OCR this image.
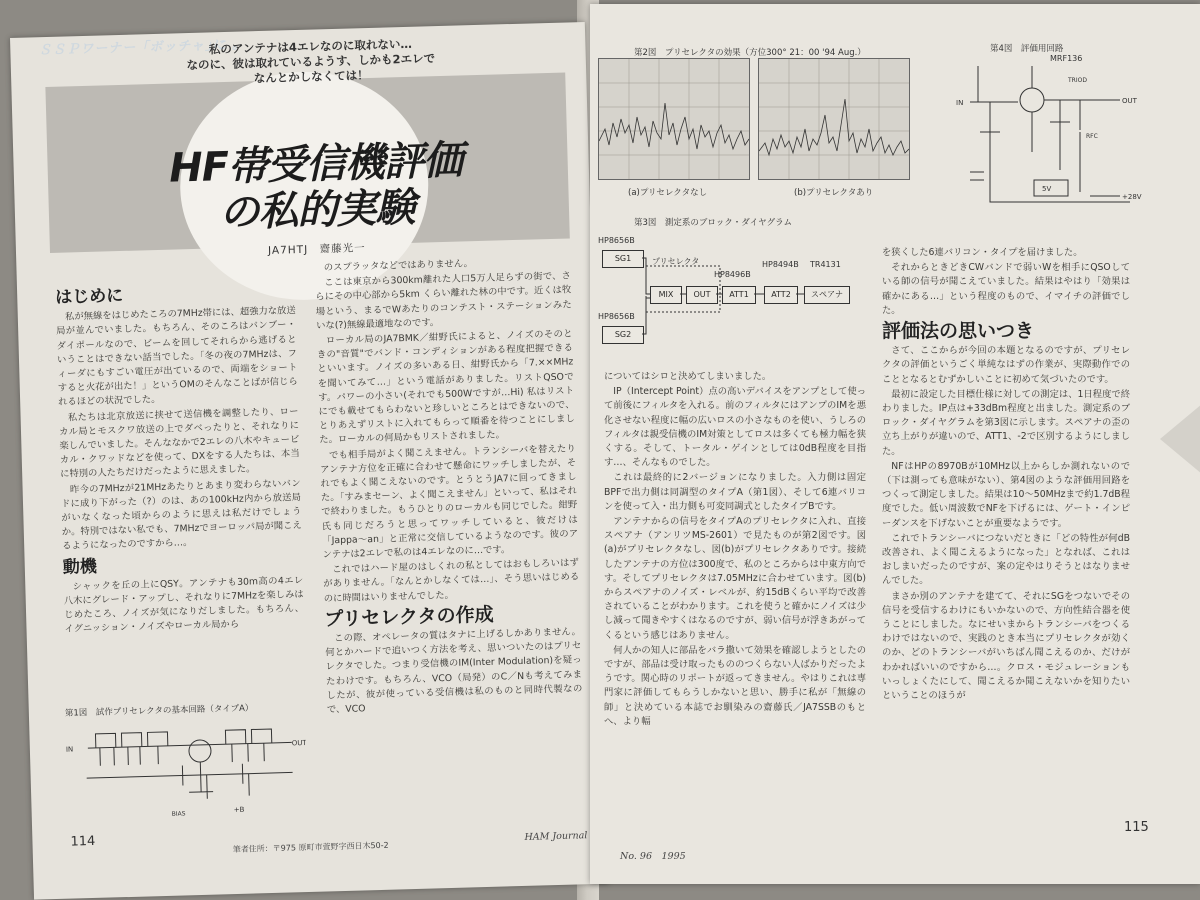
ＳＳＰワーナー ｢ボッチャ｣に ｡
HF帯受信機評価
の私的実験
私のアンテナは4エレなのに取れない…
なのに、彼は取れているようす、しかも2エレで
なんとかしなくては！
JA7HTJ　齋藤光一
はじめに

私が無線をはじめたころの7MHz帯には、超強力な放送局が並んでいました。もちろん、そのころはバンブー・ダイポールなので、ビームを回してそれらから逃げるということはできない話当でした。「冬の夜の7MHzは、フィーダにもすごい電圧が出ているので、両端をショートすると火花が出た！」というOMのそんなことばが信じられるほどの状況でした。

私たちは北京放送に挟せて送信機を調整したり、ローカル局とモスクワ放送の上でダベったりと、それなりに楽しんでいました。そんななかで2エレの八木やキュービカル・クワッドなどを使って、DXをする人たちは、本当に特別の人たちだけだったように思えました。

昨今の7MHzが21MHzあたりとあまり変わらないバンドに成り下がった（?）のは、あの100kHz内から放送局がいなくなった頃からのように思えは私だけでしょうか。特別ではない私でも、7MHzでヨーロッパ局が聞こえるようになったのですから…。

動機

シャックを丘の上にQSY。アンテナも30m高の4エレ八木にグレード・アップし、それなりに7MHzを楽しみはじめたころ、ノイズが気になりだしました。もちろん、イグニッション・ノイズやローカル局から

のスプラッタなどではありません。

ここは東京から300km離れた人口5万人足らずの街で、さらにその中心部から5km くらい離れた林の中です。近くは牧場という、まるでWあたりのコンテスト・ステーションみたいな(?)無線最適地なのです。

ローカル局のJA7BMK／紺野氏によると、ノイズのそのときの"音質"でバンド・コンディションがある程度把握できるといいます。ノイズの多いある日、紺野氏から「7.××MHzを聞いてみて…」という電話がありました。リストQSOです。パワーの小さい(それでも500Wですが…Hi) 私はリストにでも載せてもらわないと珍しいところとはできないので、とりあえずリストに入れてもらって順番を待つことにしました。ローカルの何局かもリストされました。

でも相手局がよく聞こえません。トランシーバを替えたりアンテナ方位を正確に合わせて懸命にワッチしましたが、それでもよく聞こえないのです。とうとうJA7に回ってきました。「すみまセーン、よく聞こえません」といって、私はそれで終わりました。もうひとりのローカルも同じでした。紺野氏も同じだろうと思ってワッチしていると、彼だけは「Jappa〜an」と正常に交信しているようなのです。彼のアンテナは2エレで私のは4エレなのに…です。

これではハード屋のはしくれの私としてはおもしろいはずがありません。「なんとかしなくては…」、そう思いはじめるのに時間はいりませんでした。

プリセレクタの作成

この際、オペレータの質はタナに上げるしかありません。何とかハードで追いつく方法を考え、思いついたのはプリセレクタでした。つまり受信機のIM(Inter Modulation)を疑ったわけです。もちろん、VCO（局発）のC／Nも考えてみましたが、彼が使っている受信機は私のものと同時代製なので、VCO

第1図　試作プリセレクタの基本回路（タイプA）
IN
OUT
BIAS
+B
114	筆者住所：〒975 原町市萱野字西日木50-2
HAM Journal
第2図　プリセレクタの効果（方位300° 21：00 '94 Aug.）
(a)プリセレクタなし	(b)プリセレクタあり
第4図　評価用回路
MRF136
IN	OUT
TRIOD
RFC
5V
+28V
第3図　測定系のブロック・ダイヤグラム
HP8656B
SG1	プリセレクタ
MIX	OUT
HP8496B
ATT1
HP8494B
ATT2
TR4131
スペアナ
HP8656B
SG2

についてはシロと決めてしまいました。

IP（Intercept Point）点の高いデバイスをアンプとして使って前後にフィルタを入れる。前のフィルタにはアンプのIMを悪化させない程度に幅の広いロスの小さなものを使い、うしろのフィルタは親受信機のIM対策としてロスは多くても極力幅を狭くする。そして、トータル・ゲインとしては0dB程度を目指す…、そんなものでした。

これは最終的に2バージョンになりました。入力側は固定BPFで出力側は同調型のタイプA（第1図）、そして6連バリコンを使って入・出力側も可変同調式としたタイプBです。

アンテナからの信号をタイプAのプリセレクタに入れ、直接スペアナ（アンリツMS-2601）で見たものが第2図です。図(a)がプリセレクタなし、図(b)がプリセレクタありです。接続したアンテナの方位は300度で、私のところからは中東方向です。そしてプリセレクタは7.05MHzに合わせています。図(b)からスペアナのノイズ・レベルが、約15dBくらい平均で改善されていることがわかります。これを使うと確かにノイズは少し減って聞きやすくはなるのですが、弱い信号が浮きあがってくるという感じはありません。

何人かの知人に部品をバラ撒いて効果を確認しようとしたのですが、部品は受け取ったもののつくらない人ばかりだったようです。関心時のリポートが返ってきません。やはりこれは専門家に評価してもらうしかないと思い、勝手に私が「無線の師」と決めている本誌でお馴染みの齋藤氏／JA7SSBのもとへ、より幅

を狭くした6連バリコン・タイプを届けました。

それからときどきCWバンドで弱いWを相手にQSOしている師の信号が聞こえていました。結果はやはり「効果は確かにある…」という程度のもので、イマイチの評価でした。

評価法の思いつき

さて、ここからが今回の本題となるのですが、プリセレクタの評価というごく単純なはずの作業が、実際動作でのこととなるとむずかしいことに初めて気づいたのです。

最初に設定した目標仕様に対しての測定は、1日程度で終わりました。IP点は+33dBm程度と出ました。測定系のブロック・ダイヤグラムを第3図に示します。スペアナの歪の立ち上がりが違いので、ATT1、-2で区別するようにしました。

NFはHPの8970Bが10MHz以上からしか測れないので（下は測っても意味がない）、第4図のような評価用回路をつくって測定しました。結果は10〜50MHzまで約1.7dB程度でした。低い周波数でNFを下げるには、ゲート・インピーダンスを下げないことが重要なようです。

これでトランシーバにつないだときに「どの特性が何dB改善され、よく聞こえるようになった」となれば、これはおしまいだったのですが、案の定やはりそうとはなりませんでした。

まさか別のアンテナを建てて、それにSGをつないでその信号を受信するわけにもいかないので、方向性結合器を使うことにしました。なにせいまからトランシーバをつくるわけではないので、実践のとき本当にプリセレクタが効くのか、どのトランシーバがいちばん聞こえるのか、だけがわかればいいのですから…。クロス・モジュレーションもいっしょくたにして、聞こえるか聞こえないかを知りたいということのほうが

No. 96　1995
115
